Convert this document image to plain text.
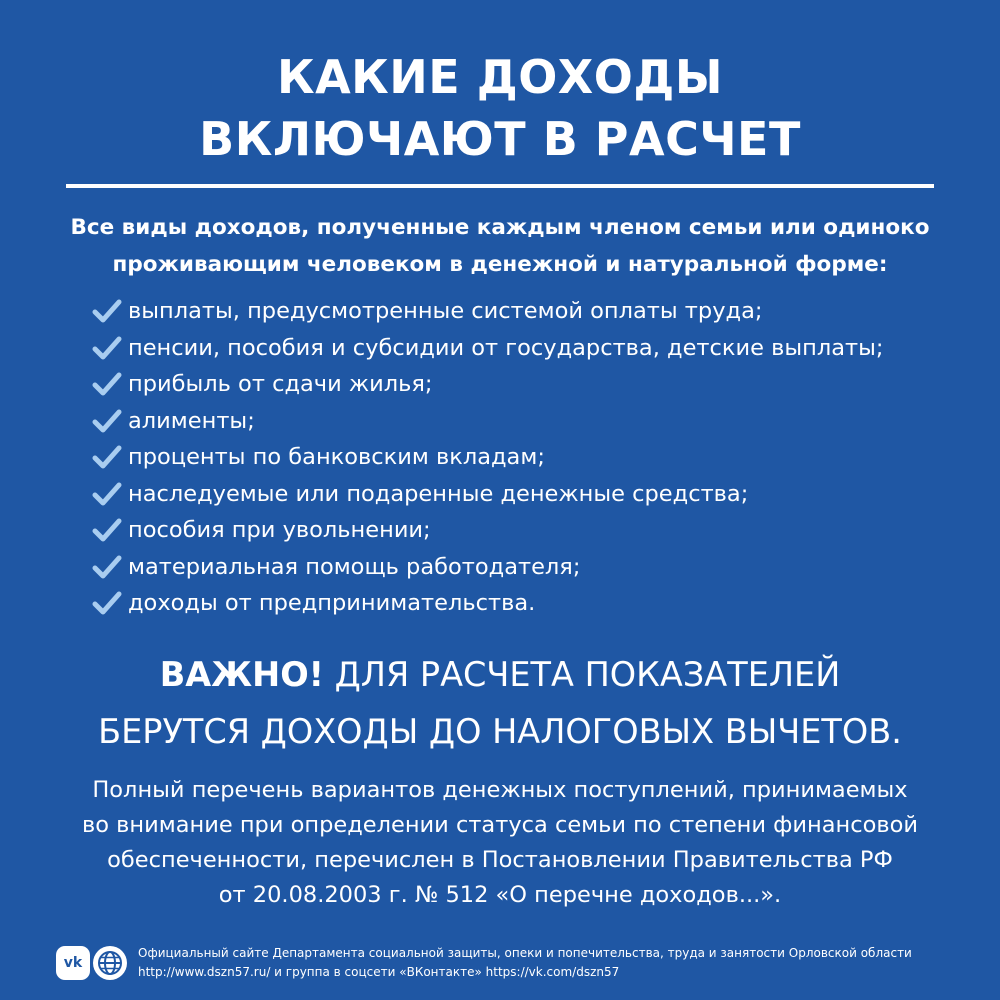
КАКИЕ ДОХОДЫ
ВКЛЮЧАЮТ В РАСЧЕТ
Все виды доходов, полученные каждым членом семьи или одиноко
проживающим человеком в денежной и натуральной форме:
выплаты, предусмотренные системой оплаты труда;
пенсии, пособия и субсидии от государства, детские выплаты;
прибыль от сдачи жилья;
алименты;
проценты по банковским вкладам;
наследуемые или подаренные денежные средства;
пособия при увольнении;
материальная помощь работодателя;
доходы от предпринимательства.
ВАЖНО! ДЛЯ РАСЧЕТА ПОКАЗАТЕЛЕЙ
БЕРУТСЯ ДОХОДЫ ДО НАЛОГОВЫХ ВЫЧЕТОВ.
Полный перечень вариантов денежных поступлений, принимаемых
во внимание при определении статуса семьи по степени финансовой
обеспеченности, перечислен в Постановлении Правительства РФ
от 20.08.2003 г. № 512 «О перечне доходов...».
vk
Официальный сайте Департамента социальной защиты, опеки и попечительства, труда и занятости Орловской области
http://www.dszn57.ru/ и группа в соцсети «ВКонтакте» https://vk.com/dszn57
